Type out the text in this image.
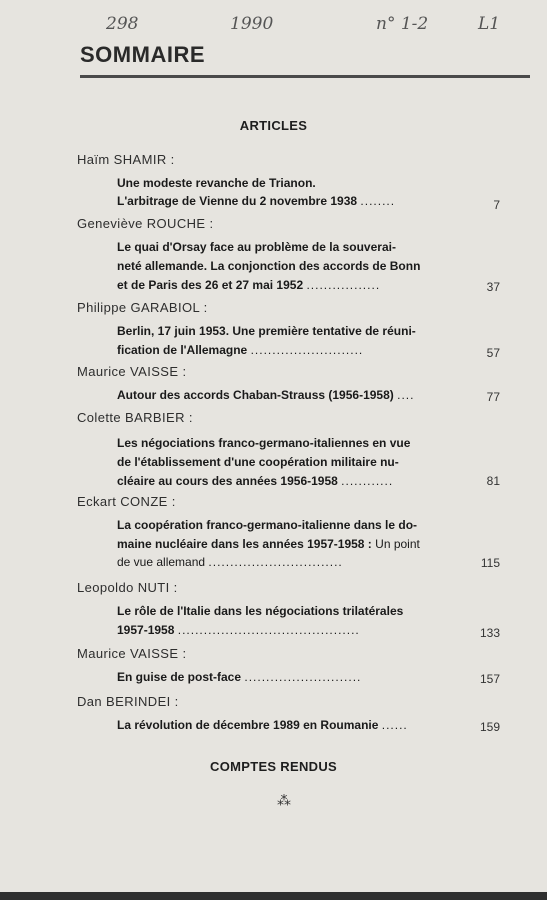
298	1990	n° 1-2	L1
SOMMAIRE
ARTICLES
Haïm SHAMIR :
Une modeste revanche de Trianon.
L'arbitrage de Vienne du 2 novembre 1938 ........	7
Geneviève ROUCHE :
Le quai d'Orsay face au problème de la souverai-
neté allemande. La conjonction des accords de Bonn
et de Paris des 26 et 27 mai 1952 .................	37
Philippe GARABIOL :
Berlin, 17 juin 1953. Une première tentative de réuni-
fication de l'Allemagne ..........................	57
Maurice VAISSE :
Autour des accords Chaban-Strauss (1956-1958) ....	77
Colette BARBIER :
Les négociations franco-germano-italiennes en vue
de l'établissement d'une coopération militaire nu-
cléaire au cours des années 1956-1958 ............	81
Eckart CONZE :
La coopération franco-germano-italienne dans le do-
maine nucléaire dans les années 1957-1958 : Un point
de vue allemand ...............................	115
Leopoldo NUTI :
Le rôle de l'Italie dans les négociations trilatérales
1957-1958 ..........................................	133
Maurice VAISSE :
En guise de post-face ...........................	157
Dan BERINDEI :
La révolution de décembre 1989 en Roumanie ......	159
COMPTES RENDUS
⁂
